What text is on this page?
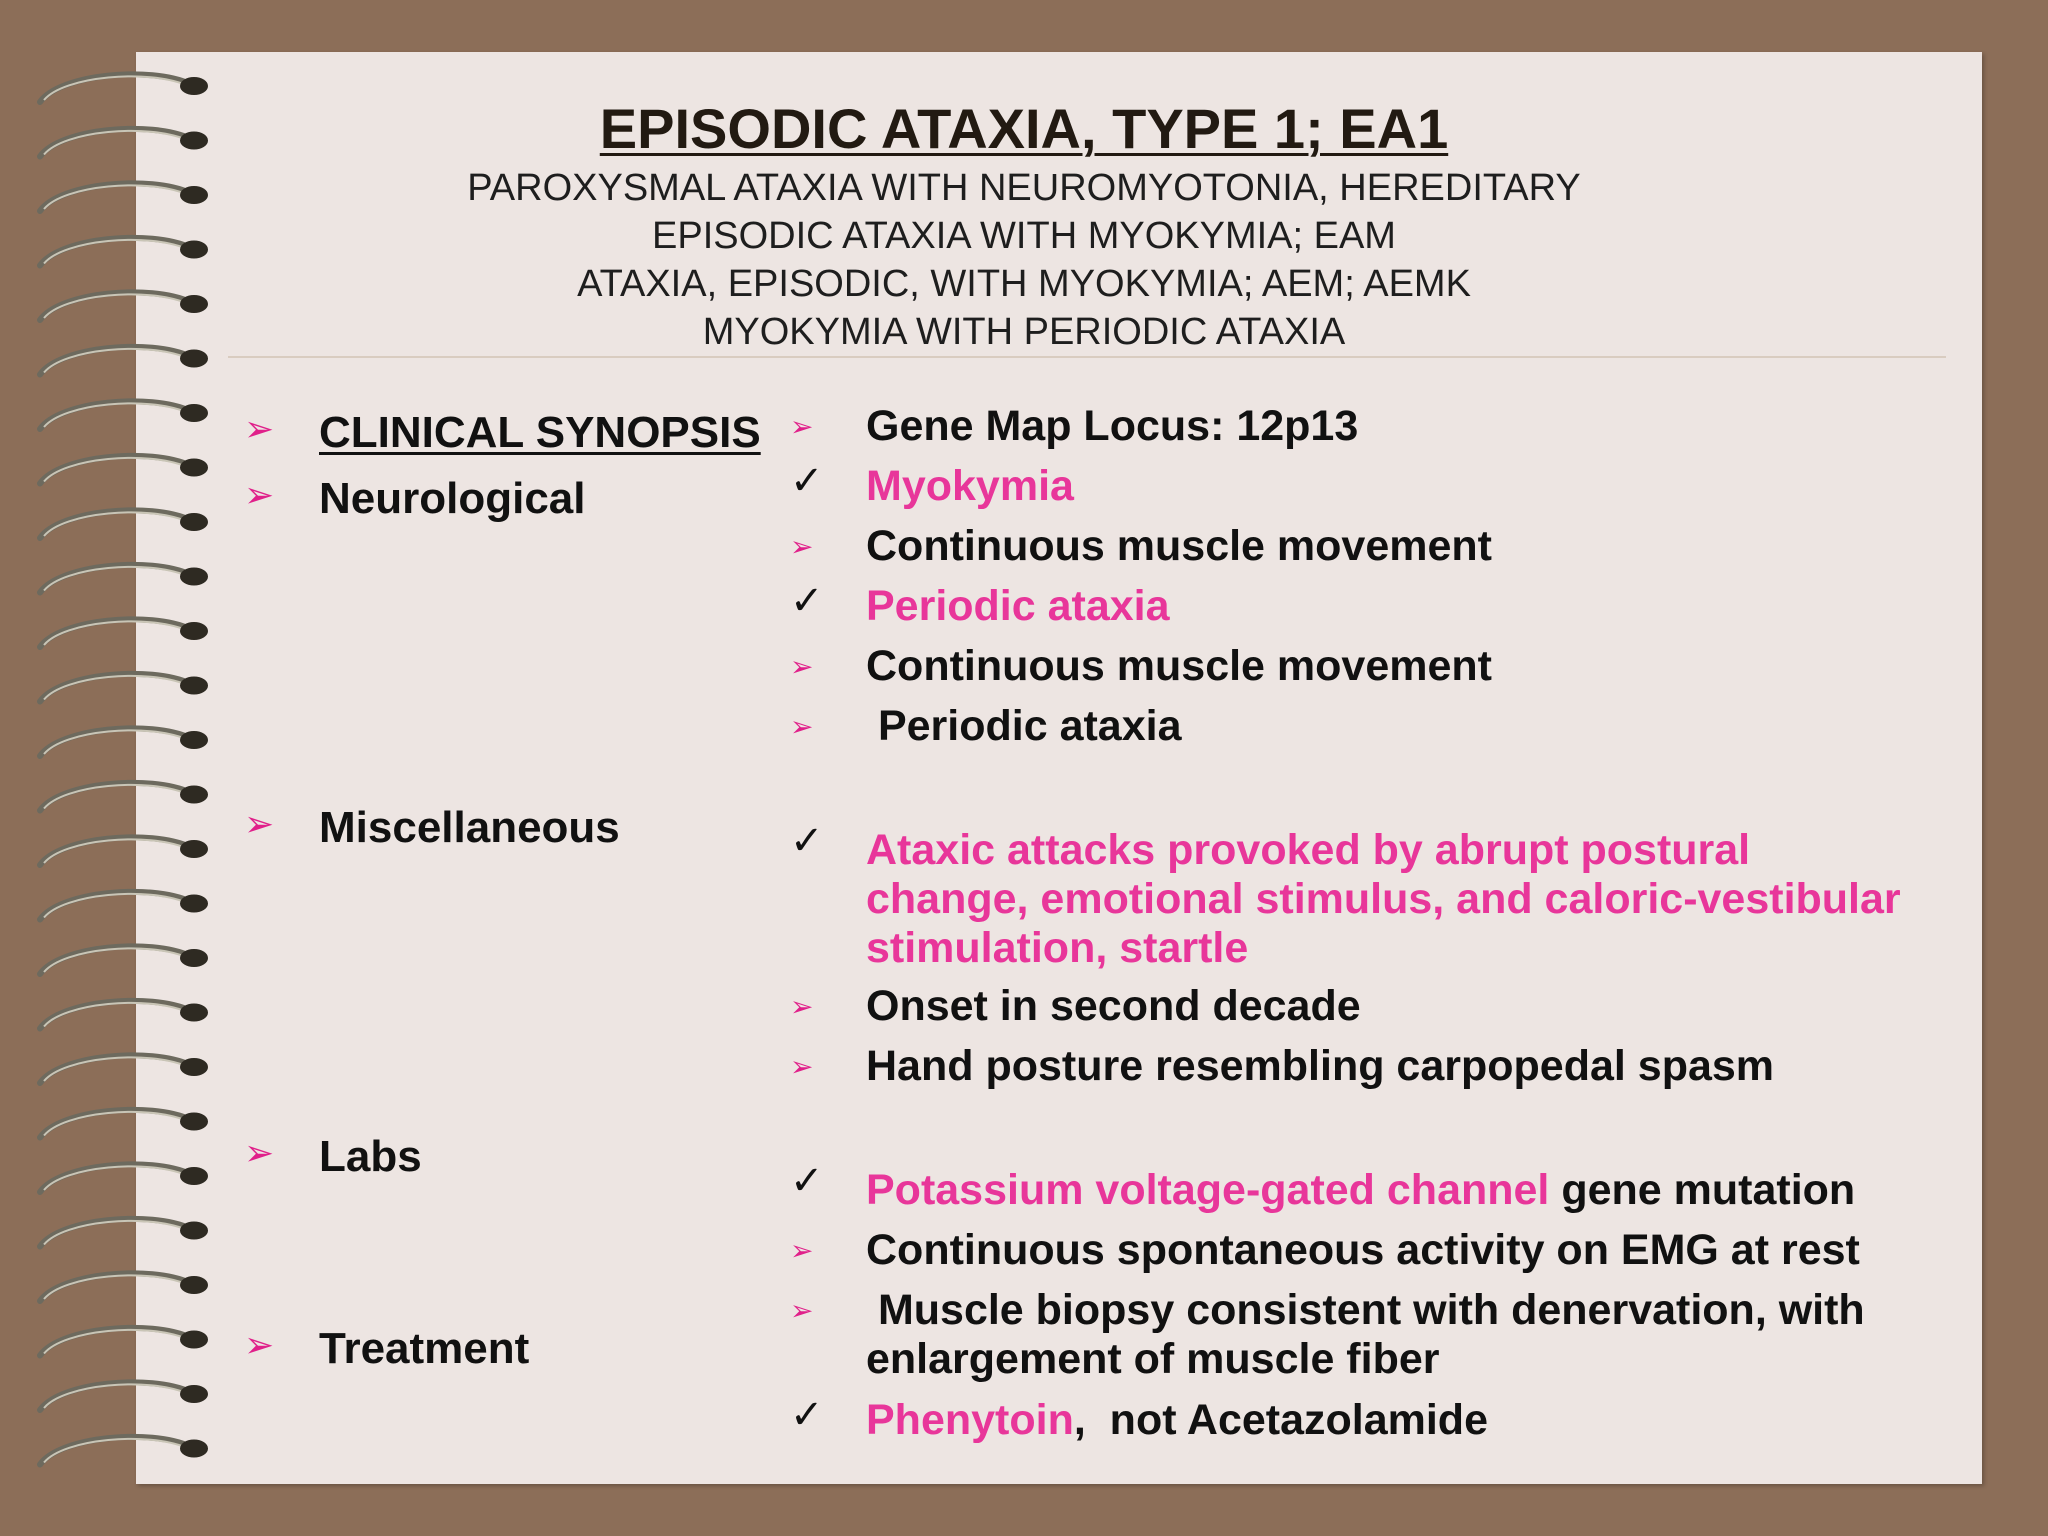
EPISODIC ATAXIA, TYPE 1; EA1
PAROXYSMAL ATAXIA WITH NEUROMYOTONIA, HEREDITARY
EPISODIC ATAXIA WITH MYOKYMIA; EAM
ATAXIA, EPISODIC, WITH MYOKYMIA; AEM; AEMK
MYOKYMIA WITH PERIODIC ATAXIA
➢ CLINICAL SYNOPSIS
➢ Neurological
➢ Miscellaneous
➢ Labs
➢ Treatment
➢ Gene Map Locus: 12p13
✓ Myokymia
➢ Continuous muscle movement
✓ Periodic ataxia
➢ Continuous muscle movement
➢ Periodic ataxia
✓ Ataxic attacks provoked by abrupt postural
change, emotional stimulus, and caloric-vestibular
stimulation, startle
➢ Onset in second decade
➢ Hand posture resembling carpopedal spasm
✓ Potassium voltage-gated channel gene mutation
➢ Continuous spontaneous activity on EMG at rest
➢ Muscle biopsy consistent with denervation, with
enlargement of muscle fiber
✓ Phenytoin,  not Acetazolamide
